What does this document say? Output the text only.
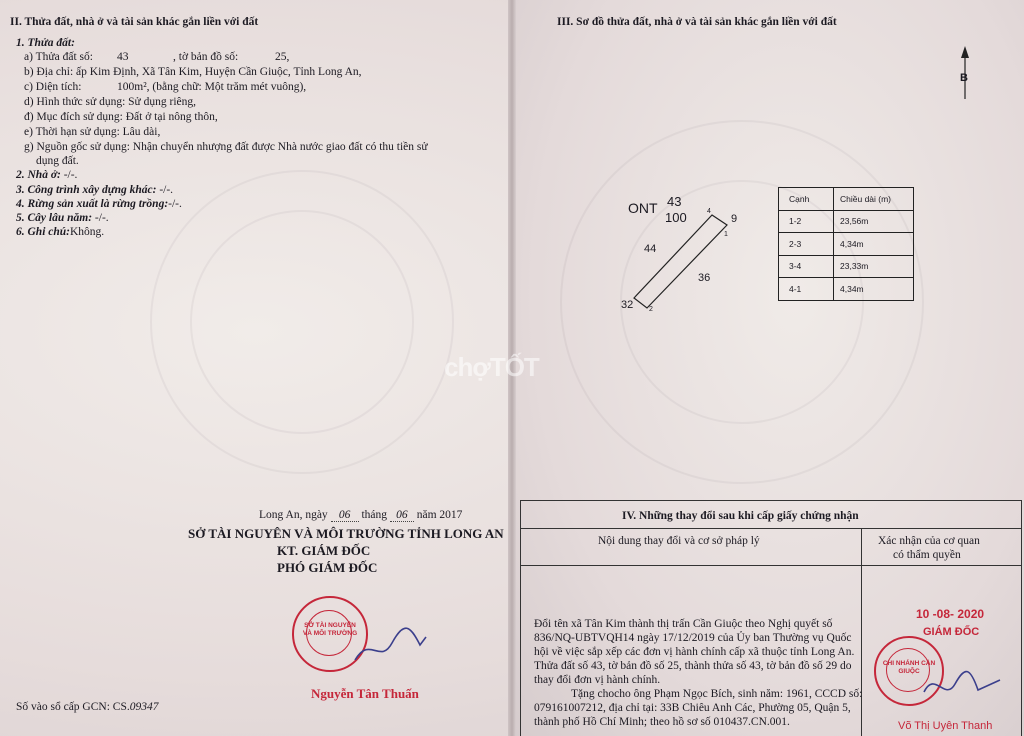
II. Thửa đất, nhà ở và tài sản khác gắn liền với đất
1. Thửa đất:
a) Thửa đất số: 43	, tờ bản đồ số:	25,
b) Địa chỉ: ấp Kim Định, Xã Tân Kim, Huyện Cần Giuộc, Tỉnh Long An,
c) Diện tích:	100m², (bằng chữ: Một trăm mét vuông),
d) Hình thức sử dụng: Sử dụng riêng,
đ) Mục đích sử dụng: Đất ở tại nông thôn,
e) Thời hạn sử dụng: Lâu dài,
g) Nguồn gốc sử dụng: Nhận chuyển nhượng đất được Nhà nước giao đất có thu tiền sử
dụng đất.
2. Nhà ở: -/-.
3. Công trình xây dựng khác: -/-.
4. Rừng sản xuất là rừng trồng:-/-.
5. Cây lâu năm: -/-.
6. Ghi chú:Không.
Long An, ngày 06 tháng 06 năm 2017
SỞ TÀI NGUYÊN VÀ MÔI TRƯỜNG TỈNH LONG AN
KT. GIÁM ĐỐC
PHÓ GIÁM ĐỐC
SỞ TÀI NGUYÊN VÀ MÔI TRƯỜNG
Nguyễn Tân Thuấn
Số vào sổ cấp GCN: CS.09347
III. Sơ đồ thửa đất, nhà ở và tài sản khác gắn liền với đất
B
ONT 43
100	9
44
36
32
1
2
4
Cạnh	Chiều dài (m)
1-2	23,56m
2-3	4,34m
3-4	23,33m
4-1	4,34m
chợTỐT
IV. Những thay đổi sau khi cấp giấy chứng nhận
Nội dung thay đổi và cơ sở pháp lý	Xác nhận của cơ quan
có thẩm quyền
Đổi tên xã Tân Kim thành thị trấn Cần Giuộc theo Nghị quyết số
836/NQ-UBTVQH14 ngày 17/12/2019 của Ủy ban Thường vụ Quốc
hội về việc sắp xếp các đơn vị hành chính cấp xã thuộc tỉnh Long An.
Thửa đất số 43, tờ bản đồ số 25, thành thửa số 43, tờ bản đồ số 29 do
thay đổi đơn vị hành chính.
Tặng chocho ông Phạm Ngọc Bích, sinh năm: 1961, CCCD số:
079161007212, địa chỉ tại: 33B Chiêu Anh Các, Phường 05, Quận 5,
thành phố Hồ Chí Minh; theo hồ sơ số 010437.CN.001.
10 -08- 2020
GIÁM ĐỐC
CHI NHÁNH CẦN GIUỘC
Võ Thị Uyên Thanh
